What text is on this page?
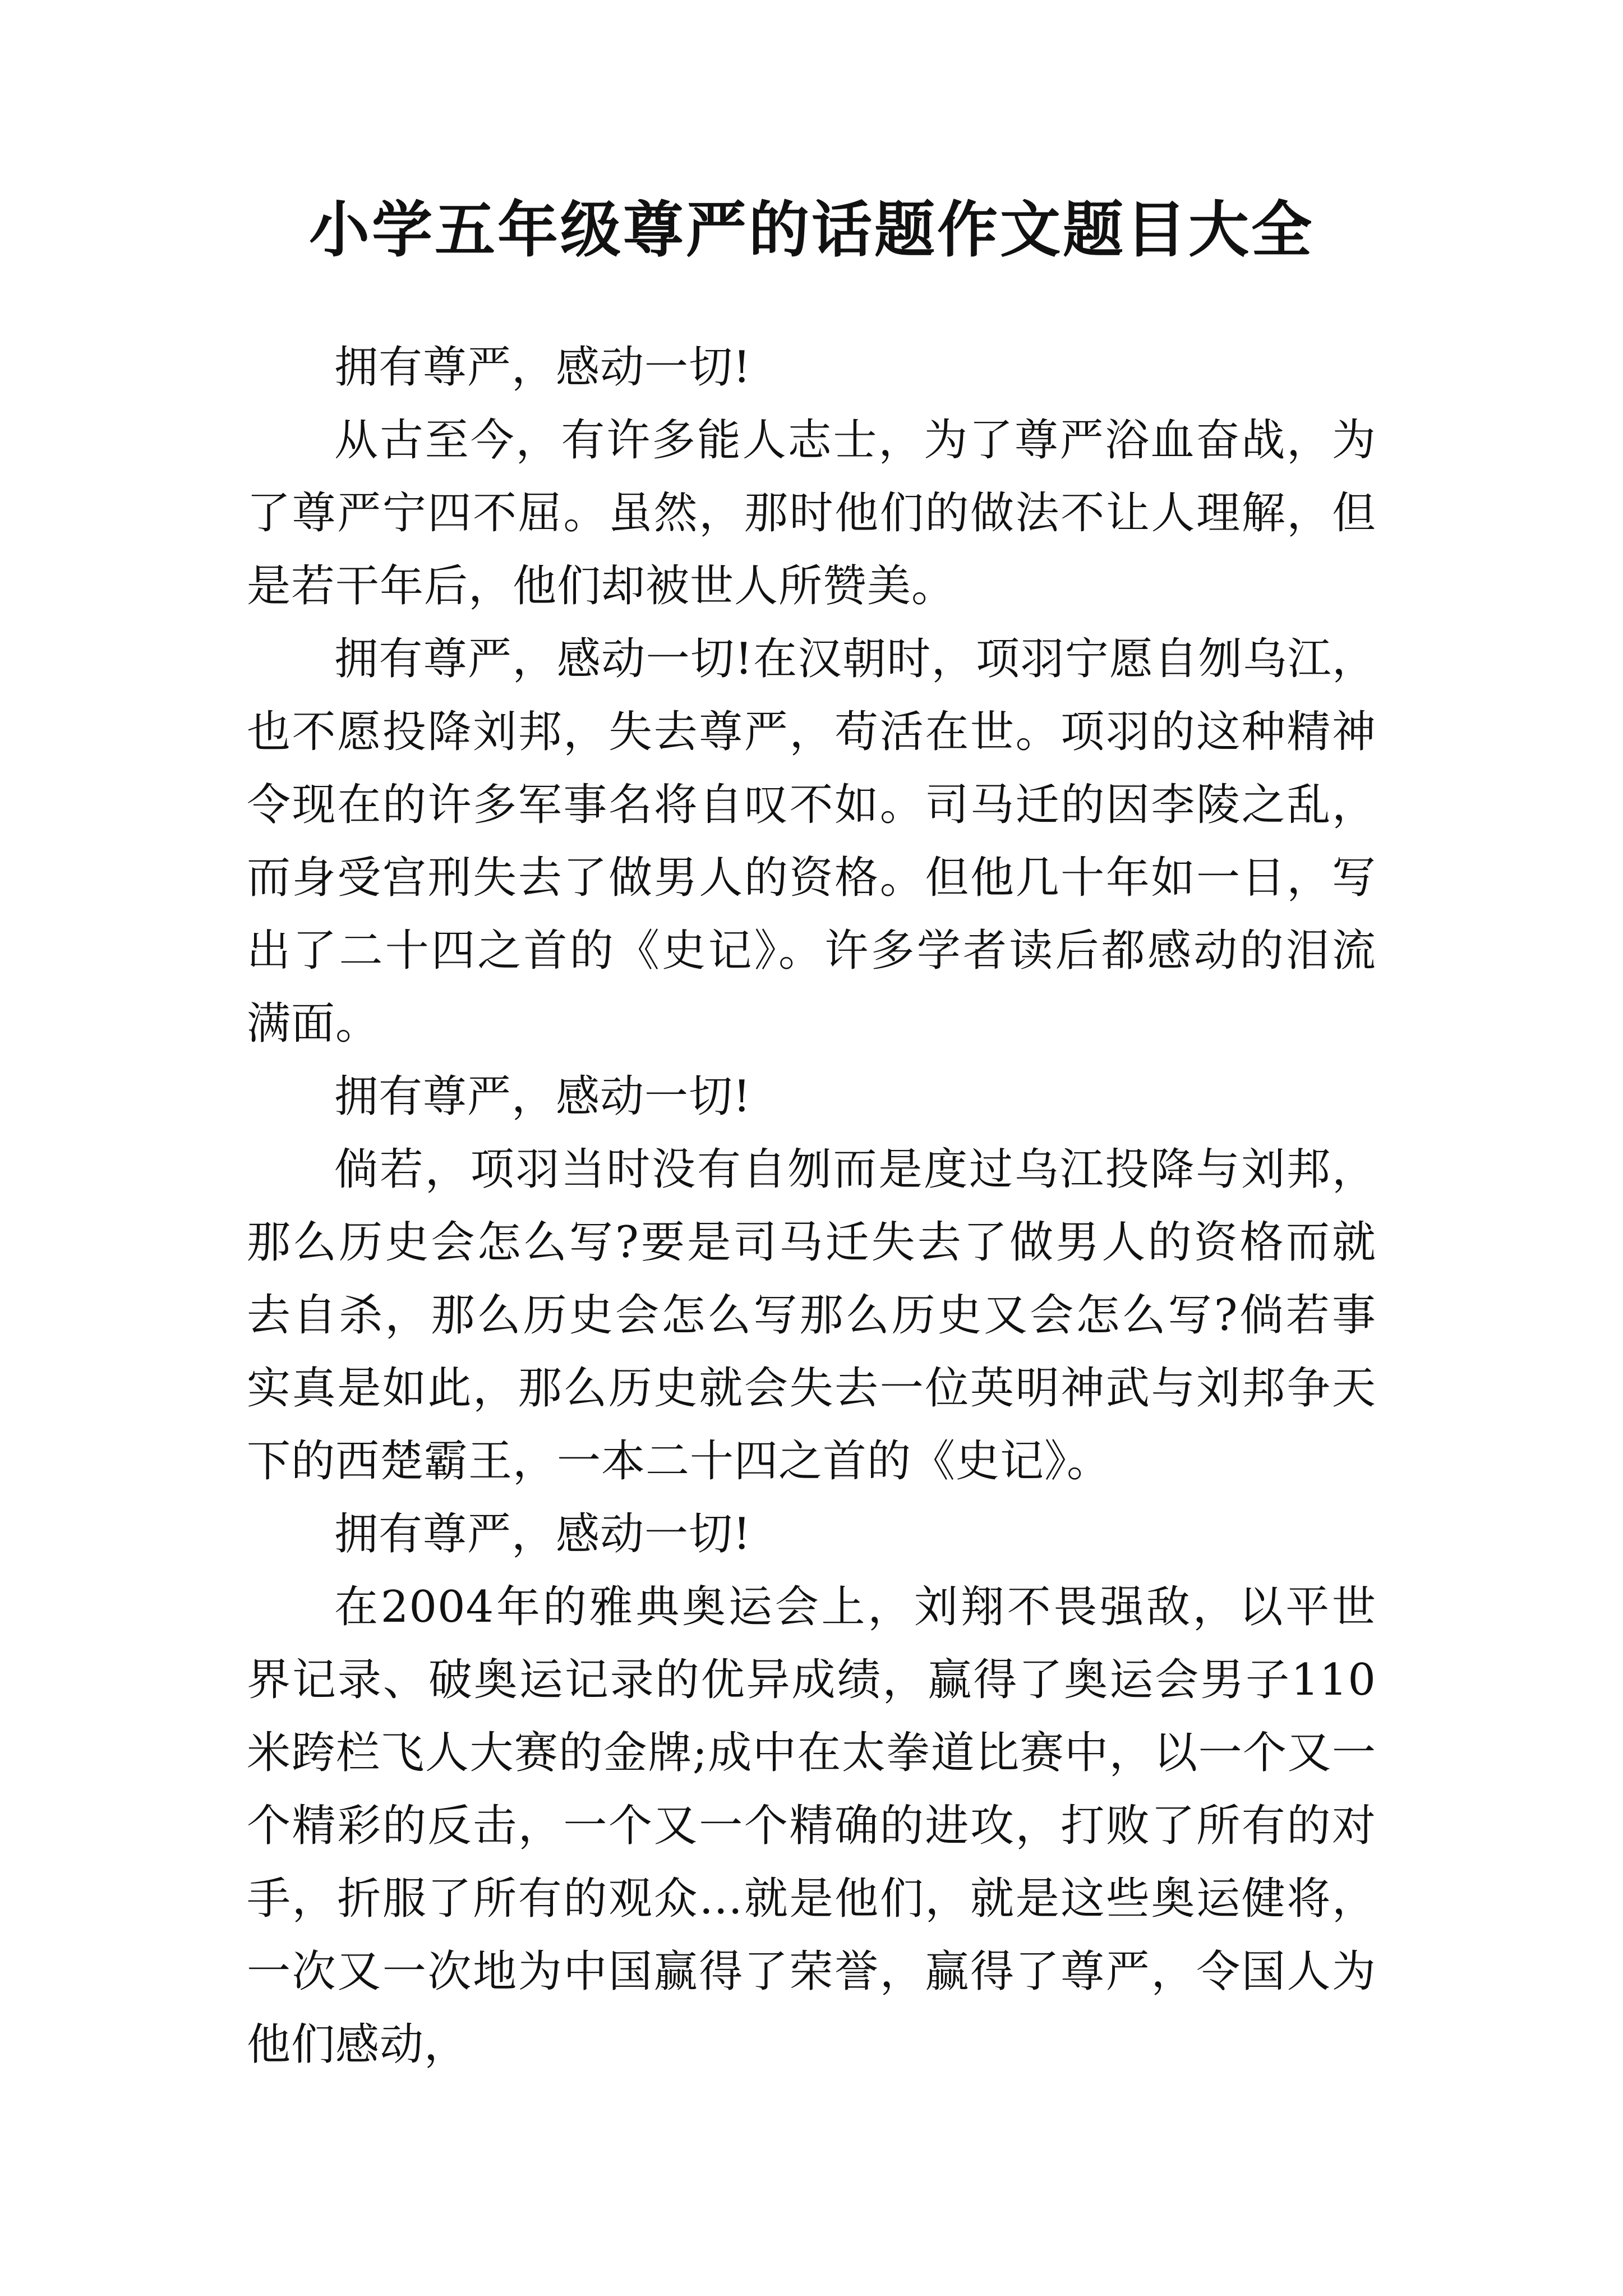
小学五年级尊严的话题作文题目大全

拥有尊严，感动一切!

从古至今，有许多能人志士，为了尊严浴血奋战，为了尊严宁四不屈。虽然，那时他们的做法不让人理解，但是若干年后，他们却被世人所赞美。

拥有尊严，感动一切!在汉朝时，项羽宁愿自刎乌江，也不愿投降刘邦，失去尊严，苟活在世。项羽的这种精神令现在的许多军事名将自叹不如。司马迁的因李陵之乱，而身受宫刑失去了做男人的资格。但他几十年如一日，写出了二十四之首的《史记》。许多学者读后都感动的泪流满面。

拥有尊严，感动一切!

倘若，项羽当时没有自刎而是度过乌江投降与刘邦，那么历史会怎么写?要是司马迁失去了做男人的资格而就去自杀，那么历史会怎么写那么历史又会怎么写?倘若事实真是如此，那么历史就会失去一位英明神武与刘邦争天下的西楚霸王，一本二十四之首的《史记》。

拥有尊严，感动一切!

在2004年的雅典奥运会上，刘翔不畏强敌，以平世界记录、破奥运记录的优异成绩，赢得了奥运会男子110米跨栏飞人大赛的金牌;成中在太拳道比赛中，以一个又一个精彩的反击，一个又一个精确的进攻，打败了所有的对手，折服了所有的观众…就是他们，就是这些奥运健将，一次又一次地为中国赢得了荣誉，赢得了尊严，令国人为他们感动，
